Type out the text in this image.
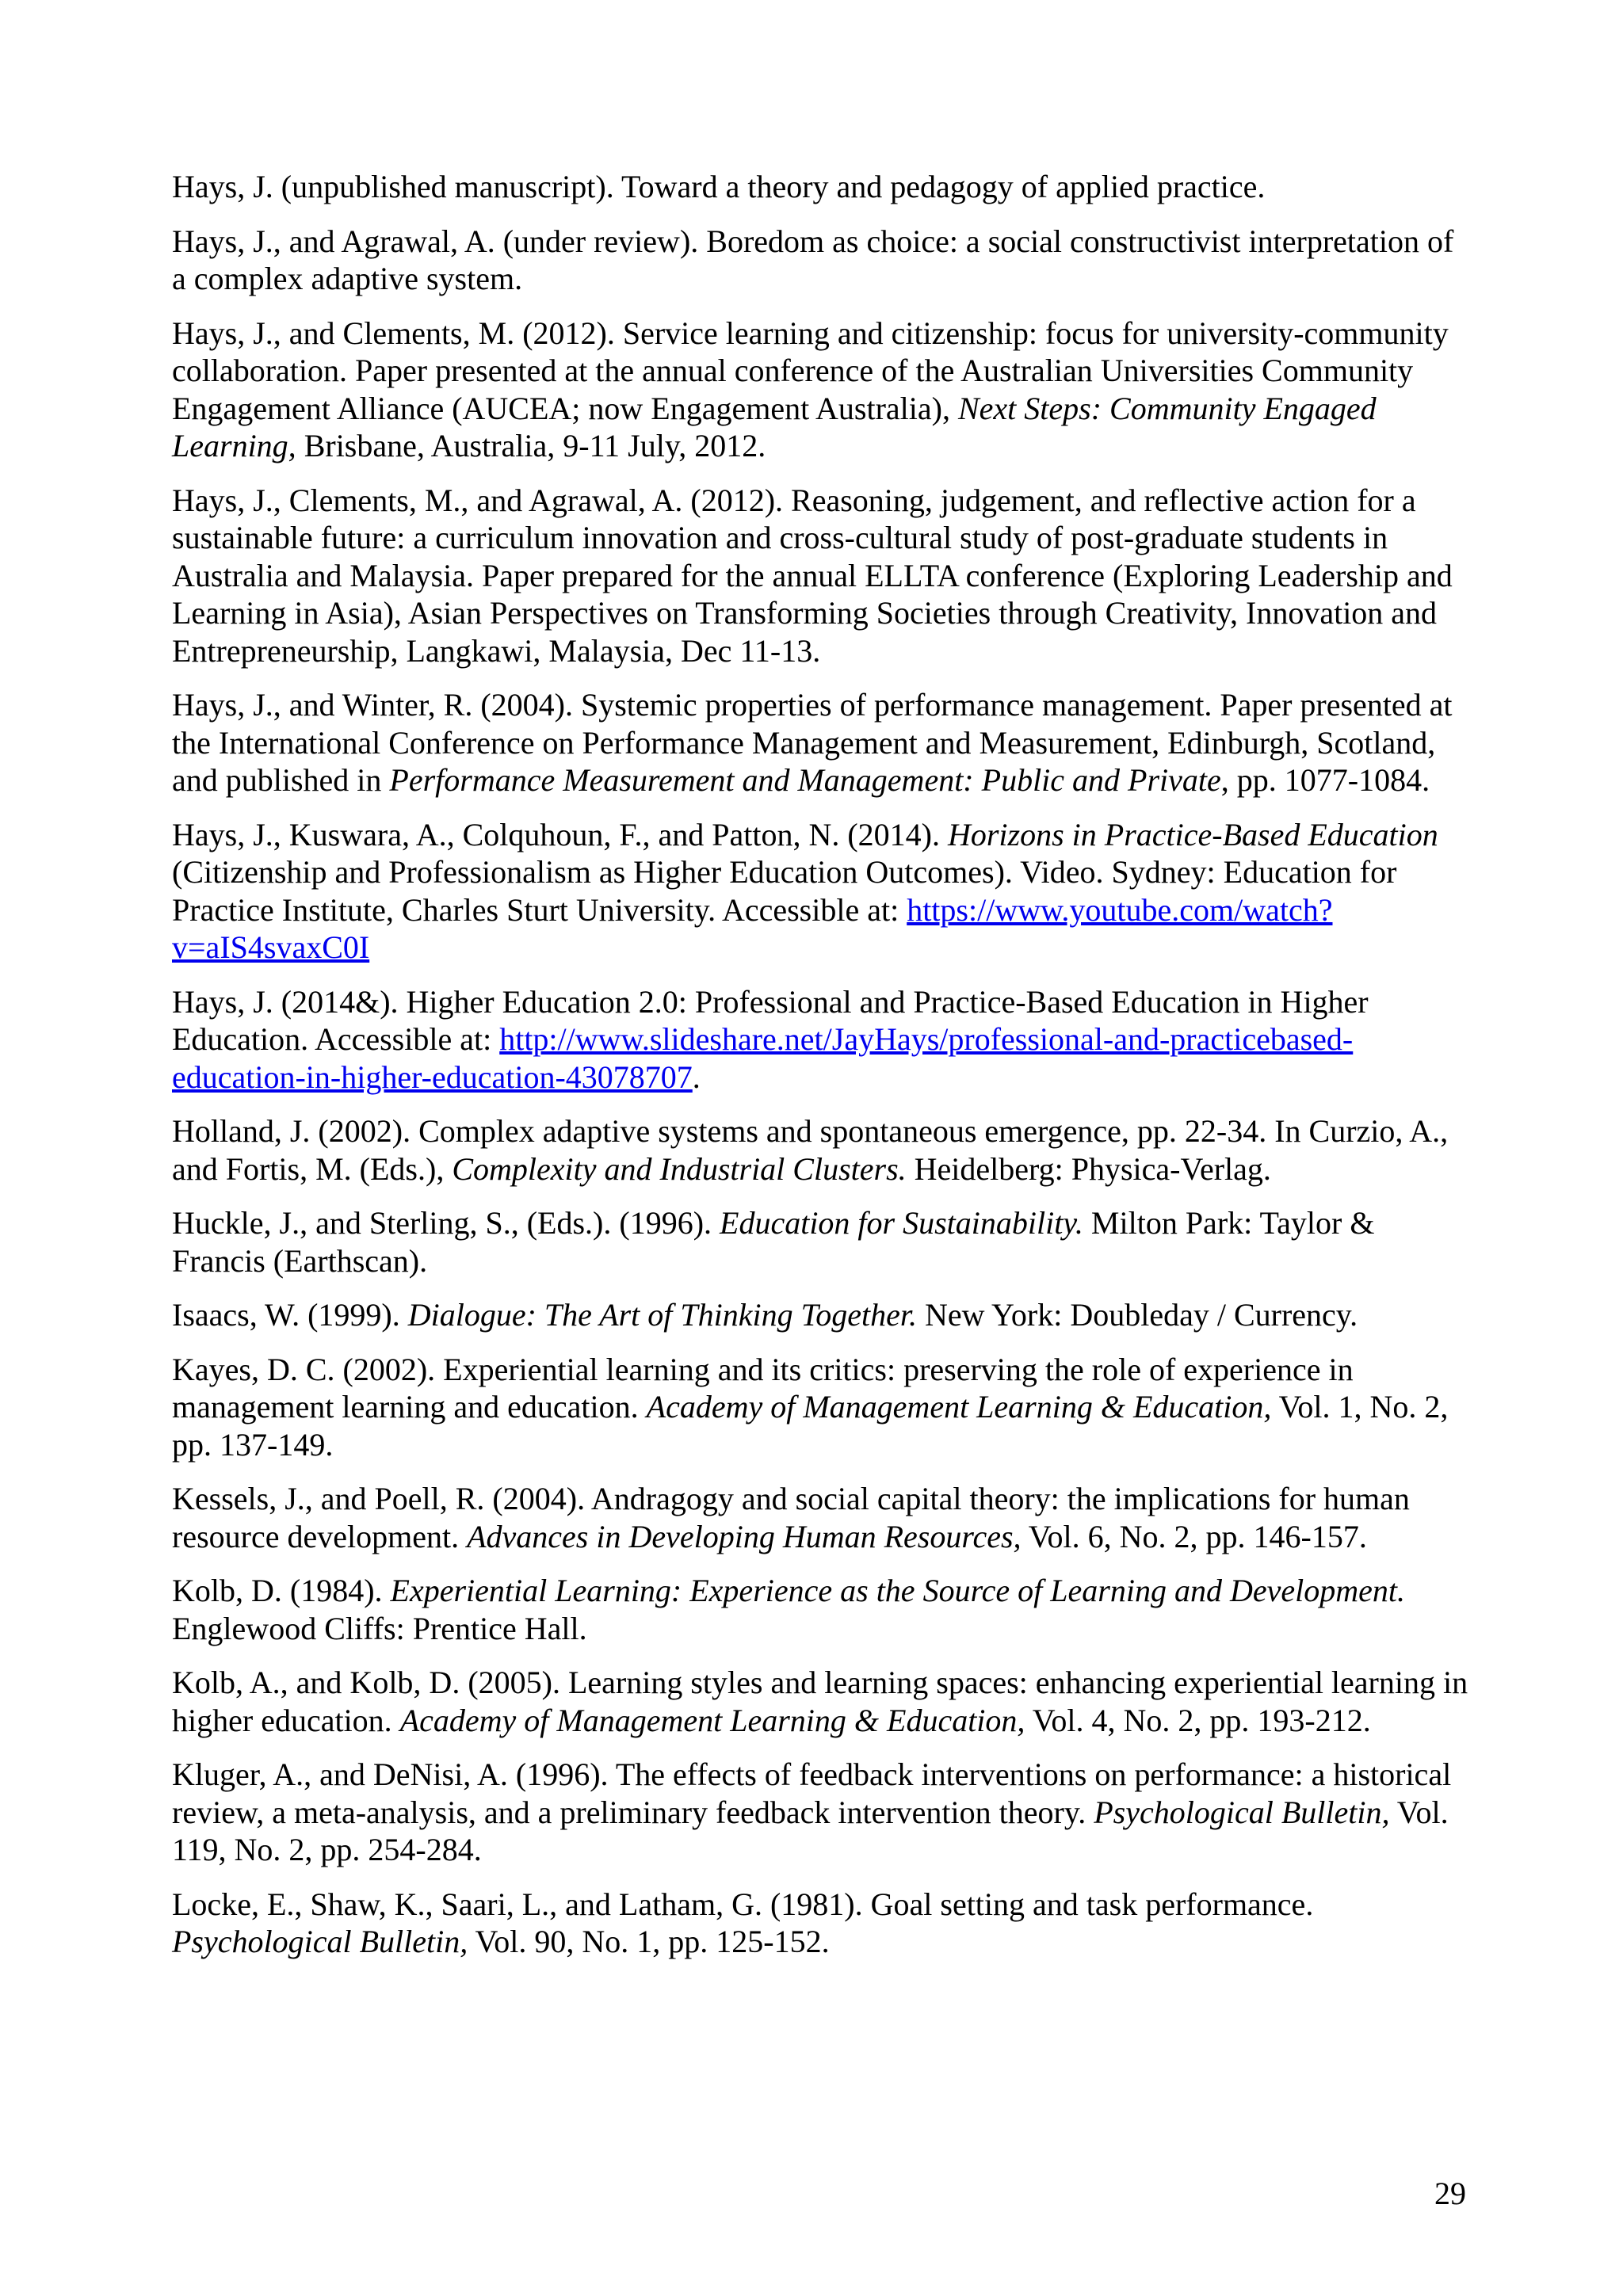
Hays, J. (unpublished manuscript). Toward a theory and pedagogy of applied practice.

Hays, J., and Agrawal, A. (under review). Boredom as choice: a social constructivist interpretation of a complex adaptive system.

Hays, J., and Clements, M. (2012). Service learning and citizenship: focus for university-community collaboration. Paper presented at the annual conference of the Australian Universities Community Engagement Alliance (AUCEA; now Engagement Australia), Next Steps: Community Engaged Learning, Brisbane, Australia, 9-11 July, 2012.

Hays, J., Clements, M., and Agrawal, A. (2012). Reasoning, judgement, and reflective action for a sustainable future: a curriculum innovation and cross-cultural study of post-graduate students in Australia and Malaysia. Paper prepared for the annual ELLTA conference (Exploring Leadership and Learning in Asia), Asian Perspectives on Transforming Societies through Creativity, Innovation and Entrepreneurship, Langkawi, Malaysia, Dec 11-13.

Hays, J., and Winter, R. (2004). Systemic properties of performance management. Paper presented at the International Conference on Performance Management and Measurement, Edinburgh, Scotland, and published in Performance Measurement and Management: Public and Private, pp. 1077-1084.

Hays, J., Kuswara, A., Colquhoun, F., and Patton, N. (2014). Horizons in Practice-Based Education (Citizenship and Professionalism as Higher Education Outcomes). Video. Sydney: Education for Practice Institute, Charles Sturt University. Accessible at: https://www.youtube.com/watch?v=aIS4svaxC0I

Hays, J. (2014&). Higher Education 2.0: Professional and Practice-Based Education in Higher Education. Accessible at: http://www.slideshare.net/JayHays/professional-and-practicebased-education-in-higher-education-43078707.

Holland, J. (2002). Complex adaptive systems and spontaneous emergence, pp. 22-34. In Curzio, A., and Fortis, M. (Eds.), Complexity and Industrial Clusters. Heidelberg: Physica-Verlag.

Huckle, J., and Sterling, S., (Eds.). (1996). Education for Sustainability. Milton Park: Taylor & Francis (Earthscan).

Isaacs, W. (1999). Dialogue: The Art of Thinking Together. New York: Doubleday / Currency.

Kayes, D. C. (2002). Experiential learning and its critics: preserving the role of experience in management learning and education. Academy of Management Learning & Education, Vol. 1, No. 2, pp. 137-149.

Kessels, J., and Poell, R. (2004). Andragogy and social capital theory: the implications for human resource development. Advances in Developing Human Resources, Vol. 6, No. 2, pp. 146-157.

Kolb, D. (1984). Experiential Learning: Experience as the Source of Learning and Development. Englewood Cliffs: Prentice Hall.

Kolb, A., and Kolb, D. (2005). Learning styles and learning spaces: enhancing experiential learning in higher education. Academy of Management Learning & Education, Vol. 4, No. 2, pp. 193-212.

Kluger, A., and DeNisi, A. (1996). The effects of feedback interventions on performance: a historical review, a meta-analysis, and a preliminary feedback intervention theory. Psychological Bulletin, Vol. 119, No. 2, pp. 254-284.

Locke, E., Shaw, K., Saari, L., and Latham, G. (1981). Goal setting and task performance. Psychological Bulletin, Vol. 90, No. 1, pp. 125-152.

29
